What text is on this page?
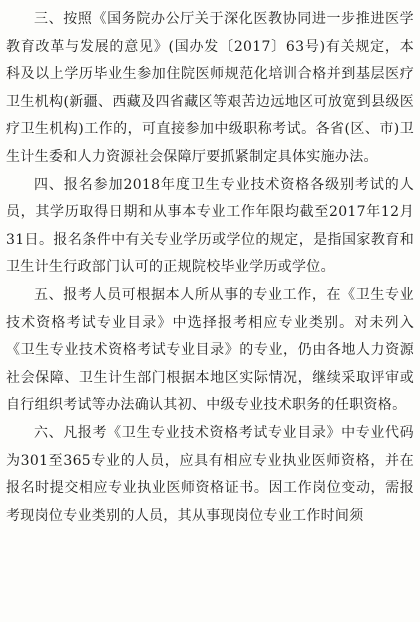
三、按照《国务院办公厅关于深化医教协同进一步推进医学教育改革与发展的意见》(国办发〔2017〕63号)有关规定，本科及以上学历毕业生参加住院医师规范化培训合格并到基层医疗卫生机构(新疆、西藏及四省藏区等艰苦边远地区可放宽到县级医疗卫生机构)工作的，可直接参加中级职称考试。各省(区、市)卫生计生委和人力资源社会保障厅要抓紧制定具体实施办法。

四、报名参加2018年度卫生专业技术资格各级别考试的人员，其学历取得日期和从事本专业工作年限均截至2017年12月31日。报名条件中有关专业学历或学位的规定，是指国家教育和卫生计生行政部门认可的正规院校毕业学历或学位。

五、报考人员可根据本人所从事的专业工作，在《卫生专业技术资格考试专业目录》中选择报考相应专业类别。对未列入《卫生专业技术资格考试专业目录》的专业，仍由各地人力资源社会保障、卫生计生部门根据本地区实际情况，继续采取评审或自行组织考试等办法确认其初、中级专业技术职务的任职资格。

六、凡报考《卫生专业技术资格考试专业目录》中专业代码为301至365专业的人员，应具有相应专业执业医师资格，并在报名时提交相应专业执业医师资格证书。因工作岗位变动，需报考现岗位专业类别的人员，其从事现岗位专业工作时间须
